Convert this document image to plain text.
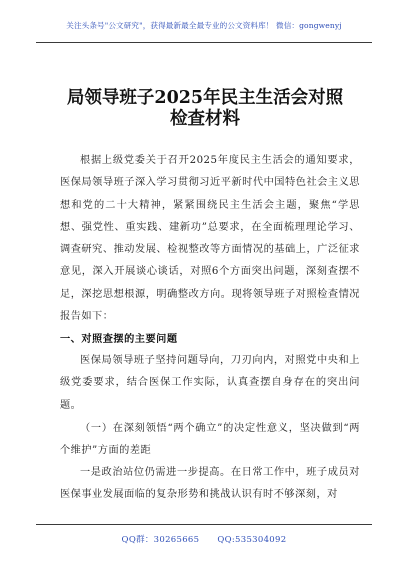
关注头条号"公文研究"，获得最新最全最专业的公文资料库！ 微信：gongwenyj
局领导班子2025年民主生活会对照检查材料
根据上级党委关于召开2025年度民主生活会的通知要求，医保局领导班子深入学习贯彻习近平新时代中国特色社会主义思想和党的二十大精神，紧紧围绕民主生活会主题，聚焦“学思想、强党性、重实践、建新功”总要求，在全面梳理理论学习、调查研究、推动发展、检视整改等方面情况的基础上，广泛征求意见，深入开展谈心谈话，对照6个方面突出问题，深刻查摆不足，深挖思想根源，明确整改方向。现将领导班子对照检查情况报告如下：
一、对照查摆的主要问题
医保局领导班子坚持问题导向，刀刃向内，对照党中央和上级党委要求，结合医保工作实际，认真查摆自身存在的突出问题。
（一）在深刻领悟“两个确立”的决定性意义，坚决做到“两个维护”方面的差距
一是政治站位仍需进一步提高。在日常工作中，班子成员对医保事业发展面临的复杂形势和挑战认识有时不够深刻，对
QQ群：30265665 QQ:535304092
